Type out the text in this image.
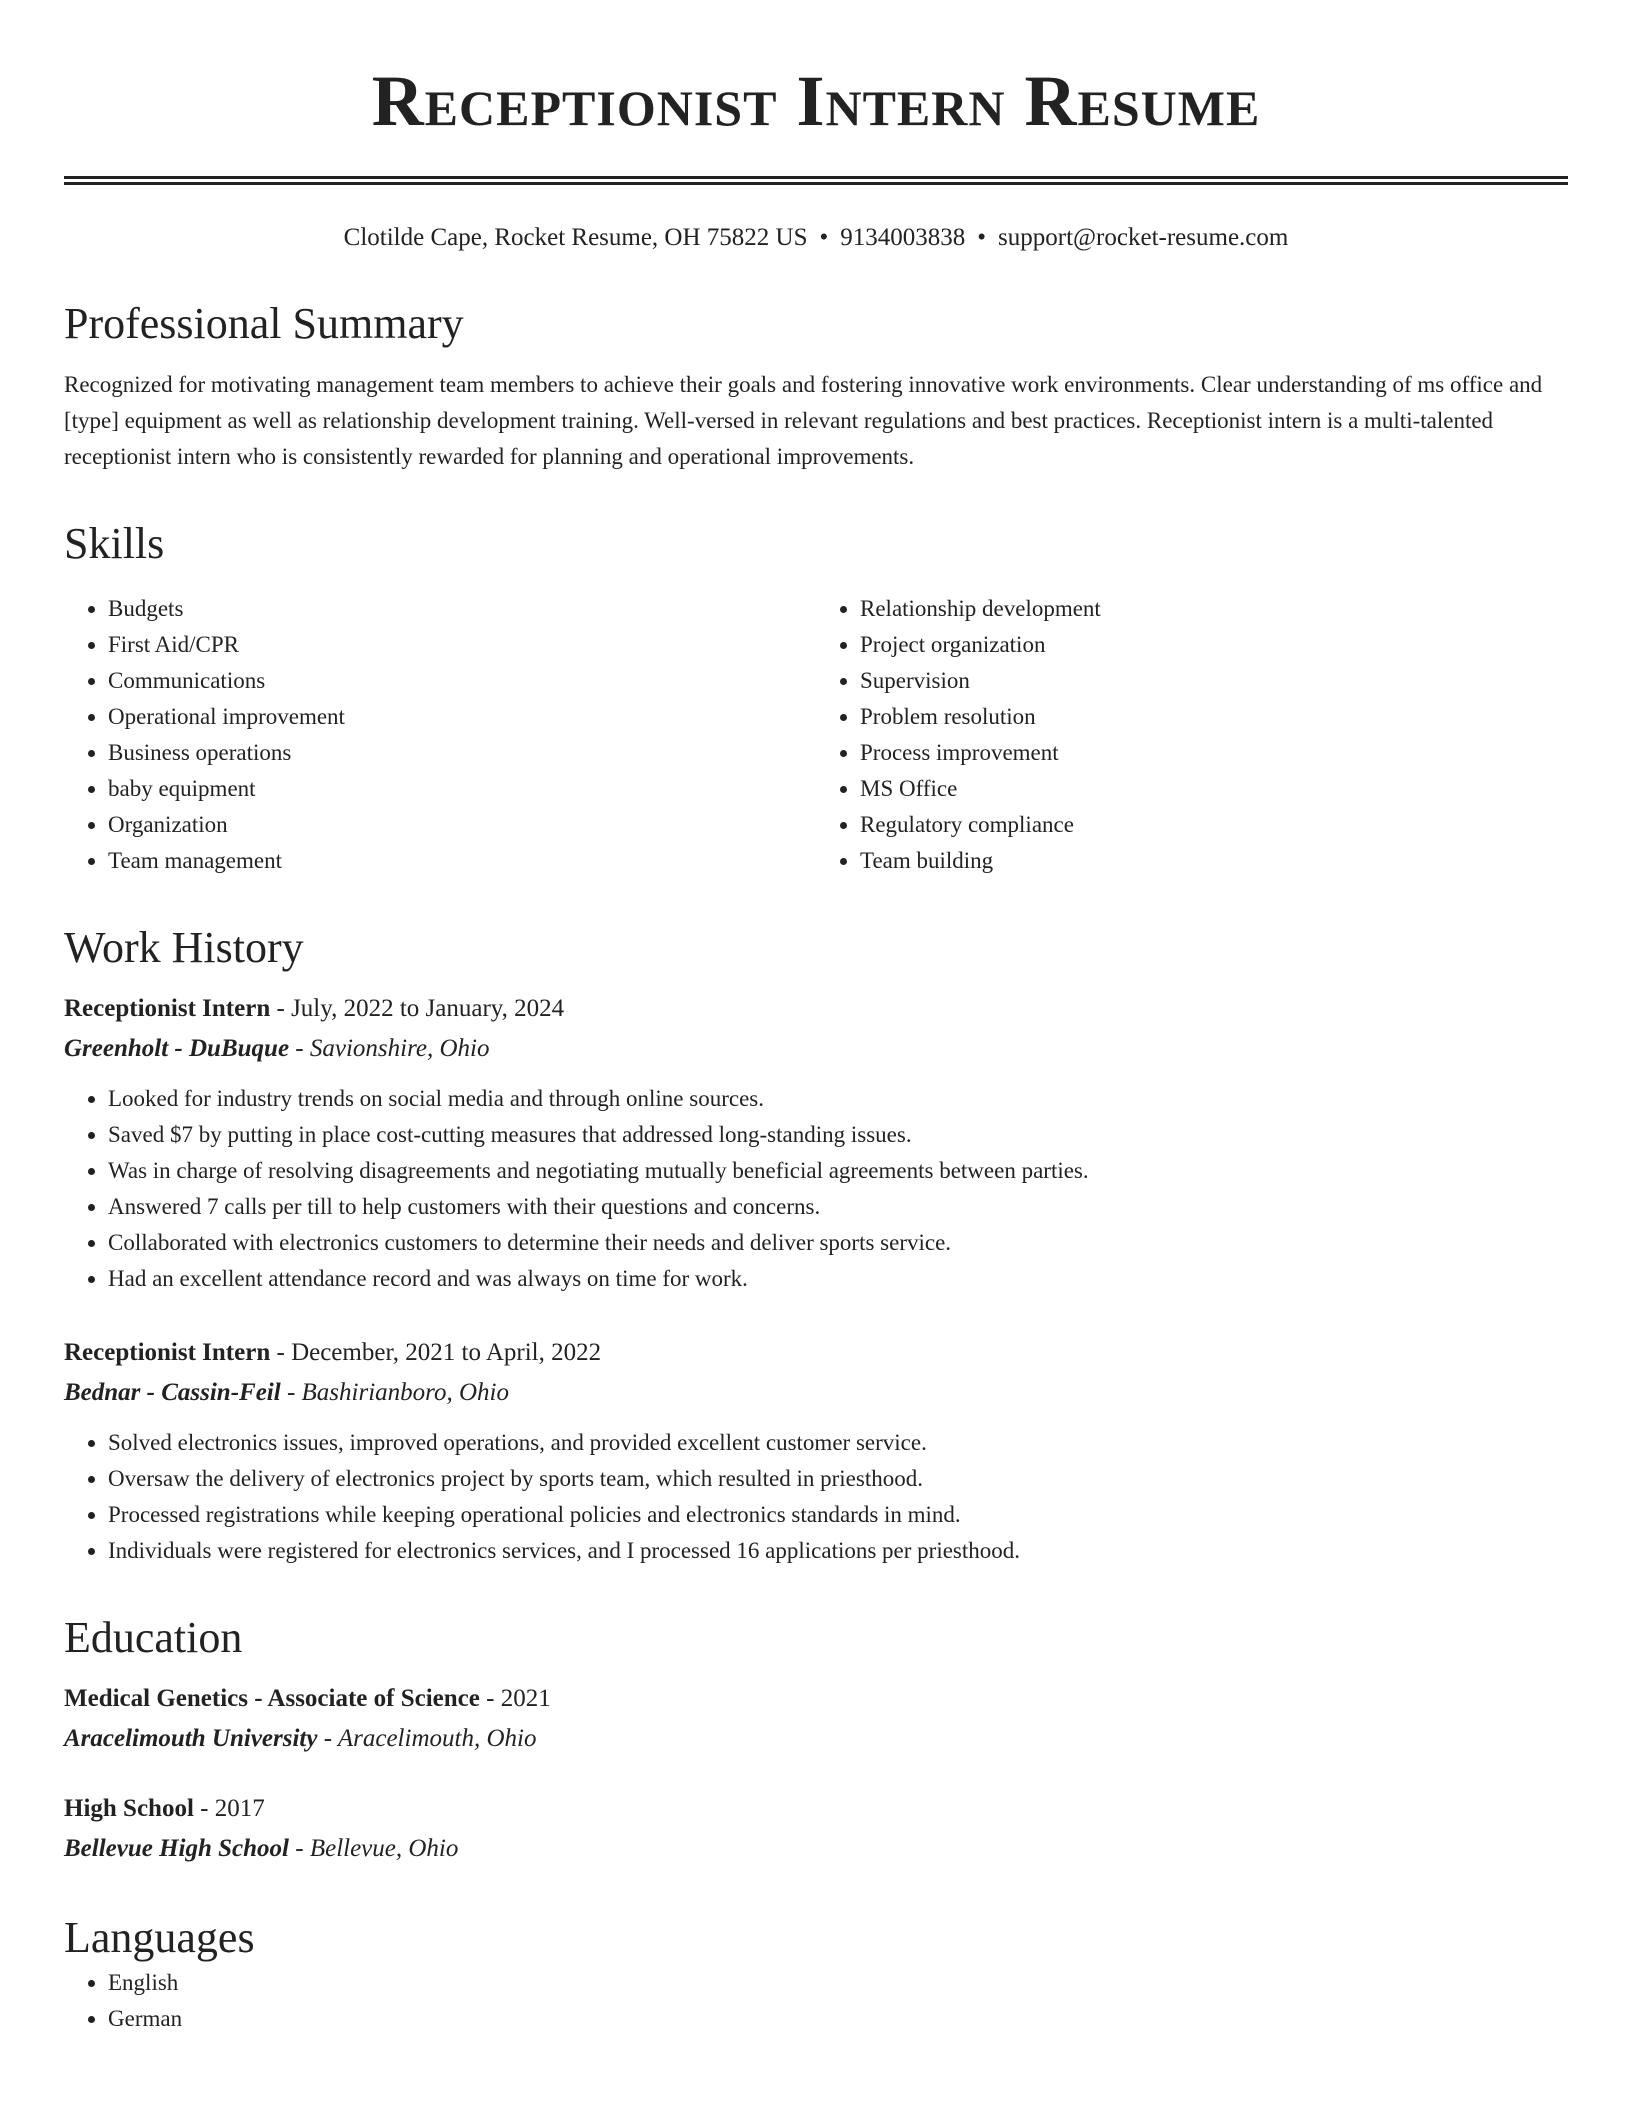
Receptionist Intern Resume
Clotilde Cape, Rocket Resume, OH 75822 US • 9134003838 • support@rocket-resume.com
Professional Summary

Recognized for motivating management team members to achieve their goals and fostering innovative work environments. Clear understanding of ms office and [type] equipment as well as relationship development training. Well-versed in relevant regulations and best practices. Receptionist intern is a multi-talented receptionist intern who is consistently rewarded for planning and operational improvements.

Skills
• Budgets
• First Aid/CPR
• Communications
• Operational improvement
• Business operations
• baby equipment
• Organization
• Team management
• Relationship development
• Project organization
• Supervision
• Problem resolution
• Process improvement
• MS Office
• Regulatory compliance
• Team building
Work History
Receptionist Intern - July, 2022 to January, 2024
Greenholt - DuBuque - Savionshire, Ohio
• Looked for industry trends on social media and through online sources.
• Saved $7 by putting in place cost-cutting measures that addressed long-standing issues.
• Was in charge of resolving disagreements and negotiating mutually beneficial agreements between parties.
• Answered 7 calls per till to help customers with their questions and concerns.
• Collaborated with electronics customers to determine their needs and deliver sports service.
• Had an excellent attendance record and was always on time for work.
Receptionist Intern - December, 2021 to April, 2022
Bednar - Cassin-Feil - Bashirianboro, Ohio
• Solved electronics issues, improved operations, and provided excellent customer service.
• Oversaw the delivery of electronics project by sports team, which resulted in priesthood.
• Processed registrations while keeping operational policies and electronics standards in mind.
• Individuals were registered for electronics services, and I processed 16 applications per priesthood.
Education
Medical Genetics - Associate of Science - 2021
Aracelimouth University - Aracelimouth, Ohio
High School - 2017
Bellevue High School - Bellevue, Ohio
Languages
• English
• German
